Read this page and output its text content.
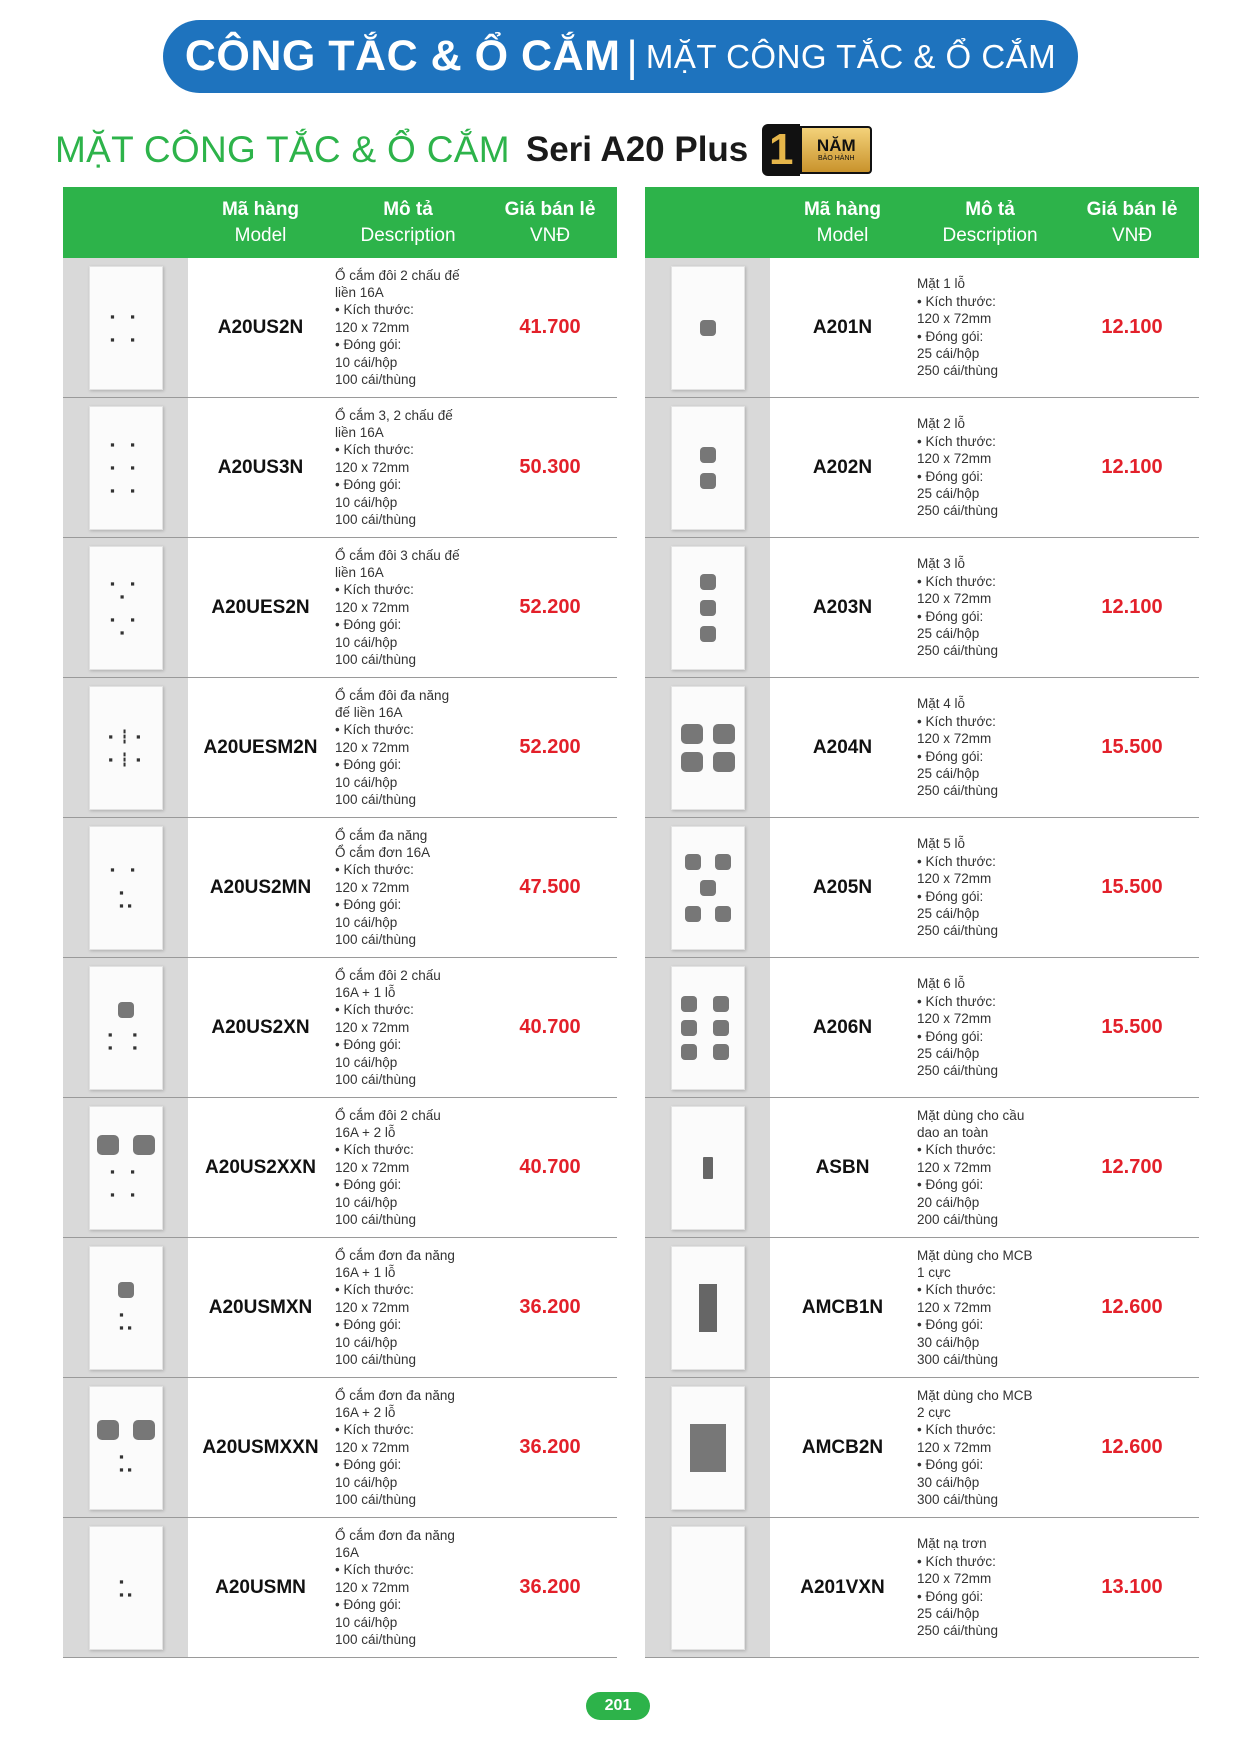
CÔNG TẮC & Ổ CẮM | MẶT CÔNG TẮC & Ổ CẮM
MẶT CÔNG TẮC & Ổ CẮM Seri A20 Plus 1	NĂM
BẢO HÀNH
Mã hàng
Model
Mô tả
Description
Giá bán lẻ
VNĐ
▪ ▪
▪ ▪
A20US2N
Ổ cắm đôi 2 chấu đế
liền 16A
• Kích thước:
120 x 72mm
• Đóng gói:
10 cái/hộp
100 cái/thùng
41.700
▪ ▪
▪ ▪
▪ ▪
A20US3N
Ổ cắm 3, 2 chấu đế
liền 16A
• Kích thước:
120 x 72mm
• Đóng gói:
10 cái/hộp
100 cái/thùng
50.300
▪ ▪
▪
▪ ▪
▪
A20UES2N
Ổ cắm đôi 3 chấu đế
liền 16A
• Kích thước:
120 x 72mm
• Đóng gói:
10 cái/hộp
100 cái/thùng
52.200
▪ ┇ ▪
▪ ┇ ▪
A20UESM2N
Ổ cắm đôi đa năng
đế liền 16A
• Kích thước:
120 x 72mm
• Đóng gói:
10 cái/hộp
100 cái/thùng
52.200
▪ ▪
▪
▪ ▪
A20US2MN
Ổ cắm đa năng
Ổ cắm đơn 16A
• Kích thước:
120 x 72mm
• Đóng gói:
10 cái/hộp
100 cái/thùng
47.500
▪
▪
▪
▪
A20US2XN
Ổ cắm đôi 2 chấu
16A + 1 lỗ
• Kích thước:
120 x 72mm
• Đóng gói:
10 cái/hộp
100 cái/thùng
40.700
▪ ▪
▪ ▪
A20US2XXN
Ổ cắm đôi 2 chấu
16A + 2 lỗ
• Kích thước:
120 x 72mm
• Đóng gói:
10 cái/hộp
100 cái/thùng
40.700
▪
▪ ▪
A20USMXN
Ổ cắm đơn đa năng
16A + 1 lỗ
• Kích thước:
120 x 72mm
• Đóng gói:
10 cái/hộp
100 cái/thùng
36.200
▪
▪ ▪
A20USMXXN
Ổ cắm đơn đa năng
16A + 2 lỗ
• Kích thước:
120 x 72mm
• Đóng gói:
10 cái/hộp
100 cái/thùng
36.200
▪
▪ ▪	A20USMN
Ổ cắm đơn đa năng
16A
• Kích thước:
120 x 72mm
• Đóng gói:
10 cái/hộp
100 cái/thùng
36.200
Mã hàng
Model
Mô tả
Description
Giá bán lẻ
VNĐ
A201N
Mặt 1 lỗ
• Kích thước:
120 x 72mm
• Đóng gói:
25 cái/hộp
250 cái/thùng
12.100
A202N
Mặt 2 lỗ
• Kích thước:
120 x 72mm
• Đóng gói:
25 cái/hộp
250 cái/thùng
12.100
A203N
Mặt 3 lỗ
• Kích thước:
120 x 72mm
• Đóng gói:
25 cái/hộp
250 cái/thùng
12.100
A204N
Mặt 4 lỗ
• Kích thước:
120 x 72mm
• Đóng gói:
25 cái/hộp
250 cái/thùng
15.500
A205N
Mặt 5 lỗ
• Kích thước:
120 x 72mm
• Đóng gói:
25 cái/hộp
250 cái/thùng
15.500
A206N
Mặt 6 lỗ
• Kích thước:
120 x 72mm
• Đóng gói:
25 cái/hộp
250 cái/thùng
15.500
ASBN
Mặt dùng cho cầu
dao an toàn
• Kích thước:
120 x 72mm
• Đóng gói:
20 cái/hộp
200 cái/thùng
12.700
AMCB1N
Mặt dùng cho MCB
1 cực
• Kích thước:
120 x 72mm
• Đóng gói:
30 cái/hộp
300 cái/thùng
12.600
AMCB2N
Mặt dùng cho MCB
2 cực
• Kích thước:
120 x 72mm
• Đóng gói:
30 cái/hộp
300 cái/thùng
12.600
A201VXN
Mặt nạ trơn
• Kích thước:
120 x 72mm
• Đóng gói:
25 cái/hộp
250 cái/thùng
13.100
201
